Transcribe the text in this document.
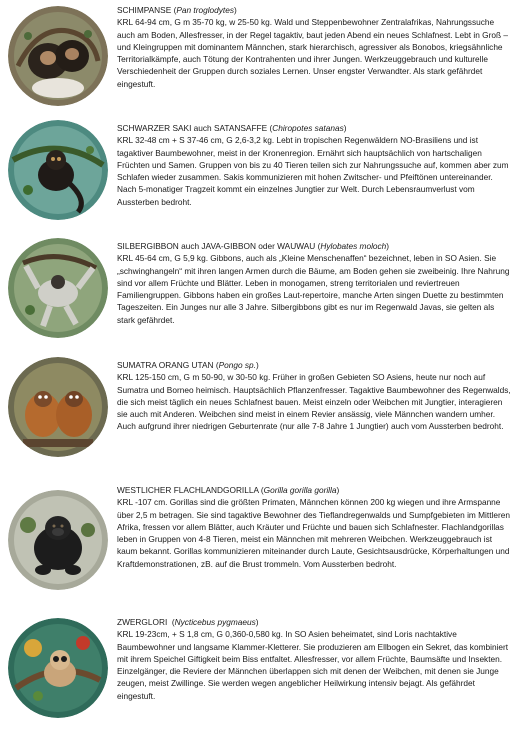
SCHIMPANSE (Pan troglodytes)
KRL 64-94 cm, G m 35-70 kg, w 25-50 kg. Wald und Steppenbewohner Zentralafrikas, Nahrungssuche auch am Boden, Allesfresser, in der Regel tagaktiv, baut jeden Abend ein neues Schlafnest. Lebt in Groß – und Kleingruppen mit dominantem Männchen, stark hierarchisch, agressiver als Bonobos, kriegsähnliche Territorialkämpfe, auch Tötung der Kontrahenten und ihrer Jungen. Werkzeuggebrauch und kulturelle Verschiedenheit der Gruppen durch soziales Lernen. Unser engster Verwandter. Als stark gefährdet eingestuft.
SCHWARZER SAKI auch SATANSAFFE (Chiropotes satanas)
KRL 32-48 cm + S 37-46 cm, G 2,6-3,2 kg. Lebt in tropischen Regenwäldern NO-Brasiliens und ist tagaktiver Baumbewohner, meist in der Kronenregion. Ernährt sich hauptsächlich von hartschaligen Früchten und Samen. Gruppen von bis zu 40 Tieren teilen sich zur Nahrungssuche auf, kommen aber zum Schlafen wieder zusammen. Sakis kommunizieren mit hohen Zwitscher- und Pfeiftönen untereinander. Nach 5-monatiger Tragzeit kommt ein einzelnes Jungtier zur Welt. Durch Lebensraumverlust vom Aussterben bedroht.
SILBERGIBBON auch JAVA-GIBBON oder WAUWAU (Hylobates moloch)
KRL 45-64 cm, G 5,9 kg. Gibbons, auch als „Kleine Menschenaffen“ bezeichnet, leben in SO Asien. Sie „schwinghangeln“ mit ihren langen Armen durch die Bäume, am Boden gehen sie zweibeinig. Ihre Nahrung sind vor allem Früchte und Blätter. Leben in monogamen, streng territorialen und reviertreuen Familiengruppen. Gibbons haben ein großes Laut-repertoire, manche Arten singen Duette zu bestimmten Tageszeiten. Ein Junges nur alle 3 Jahre. Silbergibbons gibt es nur im Regenwald Javas, sie gelten als stark gefährdet.
SUMATRA ORANG UTAN (Pongo sp.)
KRL 125-150 cm, G m 50-90, w 30-50 kg. Früher in großen Gebieten SO Asiens, heute nur noch auf Sumatra und Borneo heimisch. Hauptsächlich Pflanzenfresser. Tagaktive Baumbewohner des Regenwalds, die sich meist täglich ein neues Schlafnest bauen. Meist einzeln oder Weibchen mit Jungtier, interagieren sie auch mit Anderen. Weibchen sind meist in einem Revier ansässig, viele Männchen wandern umher. Auch aufgrund ihrer niedrigen Geburtenrate (nur alle 7-8 Jahre 1 Jungtier) auch vom Aussterben bedroht.
WESTLICHER FLACHLANDGORILLA (Gorilla gorilla gorilla)
KRL -107 cm. Gorillas sind die größten Primaten, Männchen können 200 kg wiegen und ihre Armspanne über 2,5 m betragen. Sie sind tagaktive Bewohner des Tieflandregenwalds und Sumpfgebieten im Mittleren Afrika, fressen vor allem Blätter, auch Kräuter und Früchte und bauen sich Schlafnester. Flachlandgorillas leben in Gruppen von 4-8 Tieren, meist ein Männchen mit mehreren Weibchen. Werkzeuggebrauch ist kaum bekannt. Gorillas kommunizieren miteinander durch Laute, Gesichtsausdrücke, Körperhaltungen und Kraftdemonstrationen, zB. auf die Brust trommeln. Vom Aussterben bedroht.
ZWERGLORI  (Nycticebus pygmaeus)
KRL 19-23cm, + S 1,8 cm, G 0,360-0,580 kg. In SO Asien beheimatet, sind Loris nachtaktive Baumbewohner und langsame Klammer-Kletterer. Sie produzieren am Ellbogen ein Sekret, das kombiniert mit ihrem Speichel Giftigkeit beim Biss entfaltet. Allesfresser, vor allem Früchte, Baumsäfte und Insekten. Einzelgänger, die Reviere der Männchen überlappen sich mit denen der Weibchen, mit denen sie Junge zeugen, meist Zwillinge. Sie werden wegen angeblicher Heilwirkung intensiv bejagt. Als gefährdet eingestuft.
